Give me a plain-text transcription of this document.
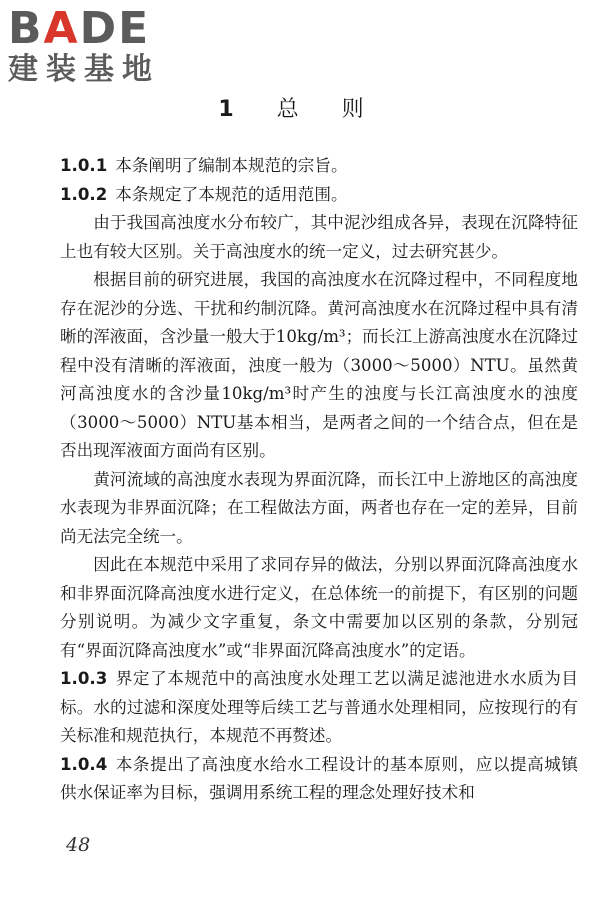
BADE
建装基地
1 总 则

1.0.1 本条阐明了编制本规范的宗旨。

1.0.2 本条规定了本规范的适用范围。

由于我国高浊度水分布较广，其中泥沙组成各异，表现在沉降特征上也有较大区别。关于高浊度水的统一定义，过去研究甚少。

根据目前的研究进展，我国的高浊度水在沉降过程中，不同程度地存在泥沙的分选、干扰和约制沉降。黄河高浊度水在沉降过程中具有清晰的浑液面，含沙量一般大于10kg/m³；而长江上游高浊度水在沉降过程中没有清晰的浑液面，浊度一般为（3000～5000）NTU。虽然黄河高浊度水的含沙量10kg/m³时产生的浊度与长江高浊度水的浊度（3000～5000）NTU基本相当，是两者之间的一个结合点，但在是否出现浑液面方面尚有区别。

黄河流域的高浊度水表现为界面沉降，而长江中上游地区的高浊度水表现为非界面沉降；在工程做法方面，两者也存在一定的差异，目前尚无法完全统一。

因此在本规范中采用了求同存异的做法，分别以界面沉降高浊度水和非界面沉降高浊度水进行定义，在总体统一的前提下，有区别的问题分别说明。为减少文字重复，条文中需要加以区别的条款，分别冠有“界面沉降高浊度水”或“非界面沉降高浊度水”的定语。

1.0.3 界定了本规范中的高浊度水处理工艺以满足滤池进水水质为目标。水的过滤和深度处理等后续工艺与普通水处理相同，应按现行的有关标准和规范执行，本规范不再赘述。

1.0.4 本条提出了高浊度水给水工程设计的基本原则，应以提高城镇供水保证率为目标，强调用系统工程的理念处理好技术和

48
